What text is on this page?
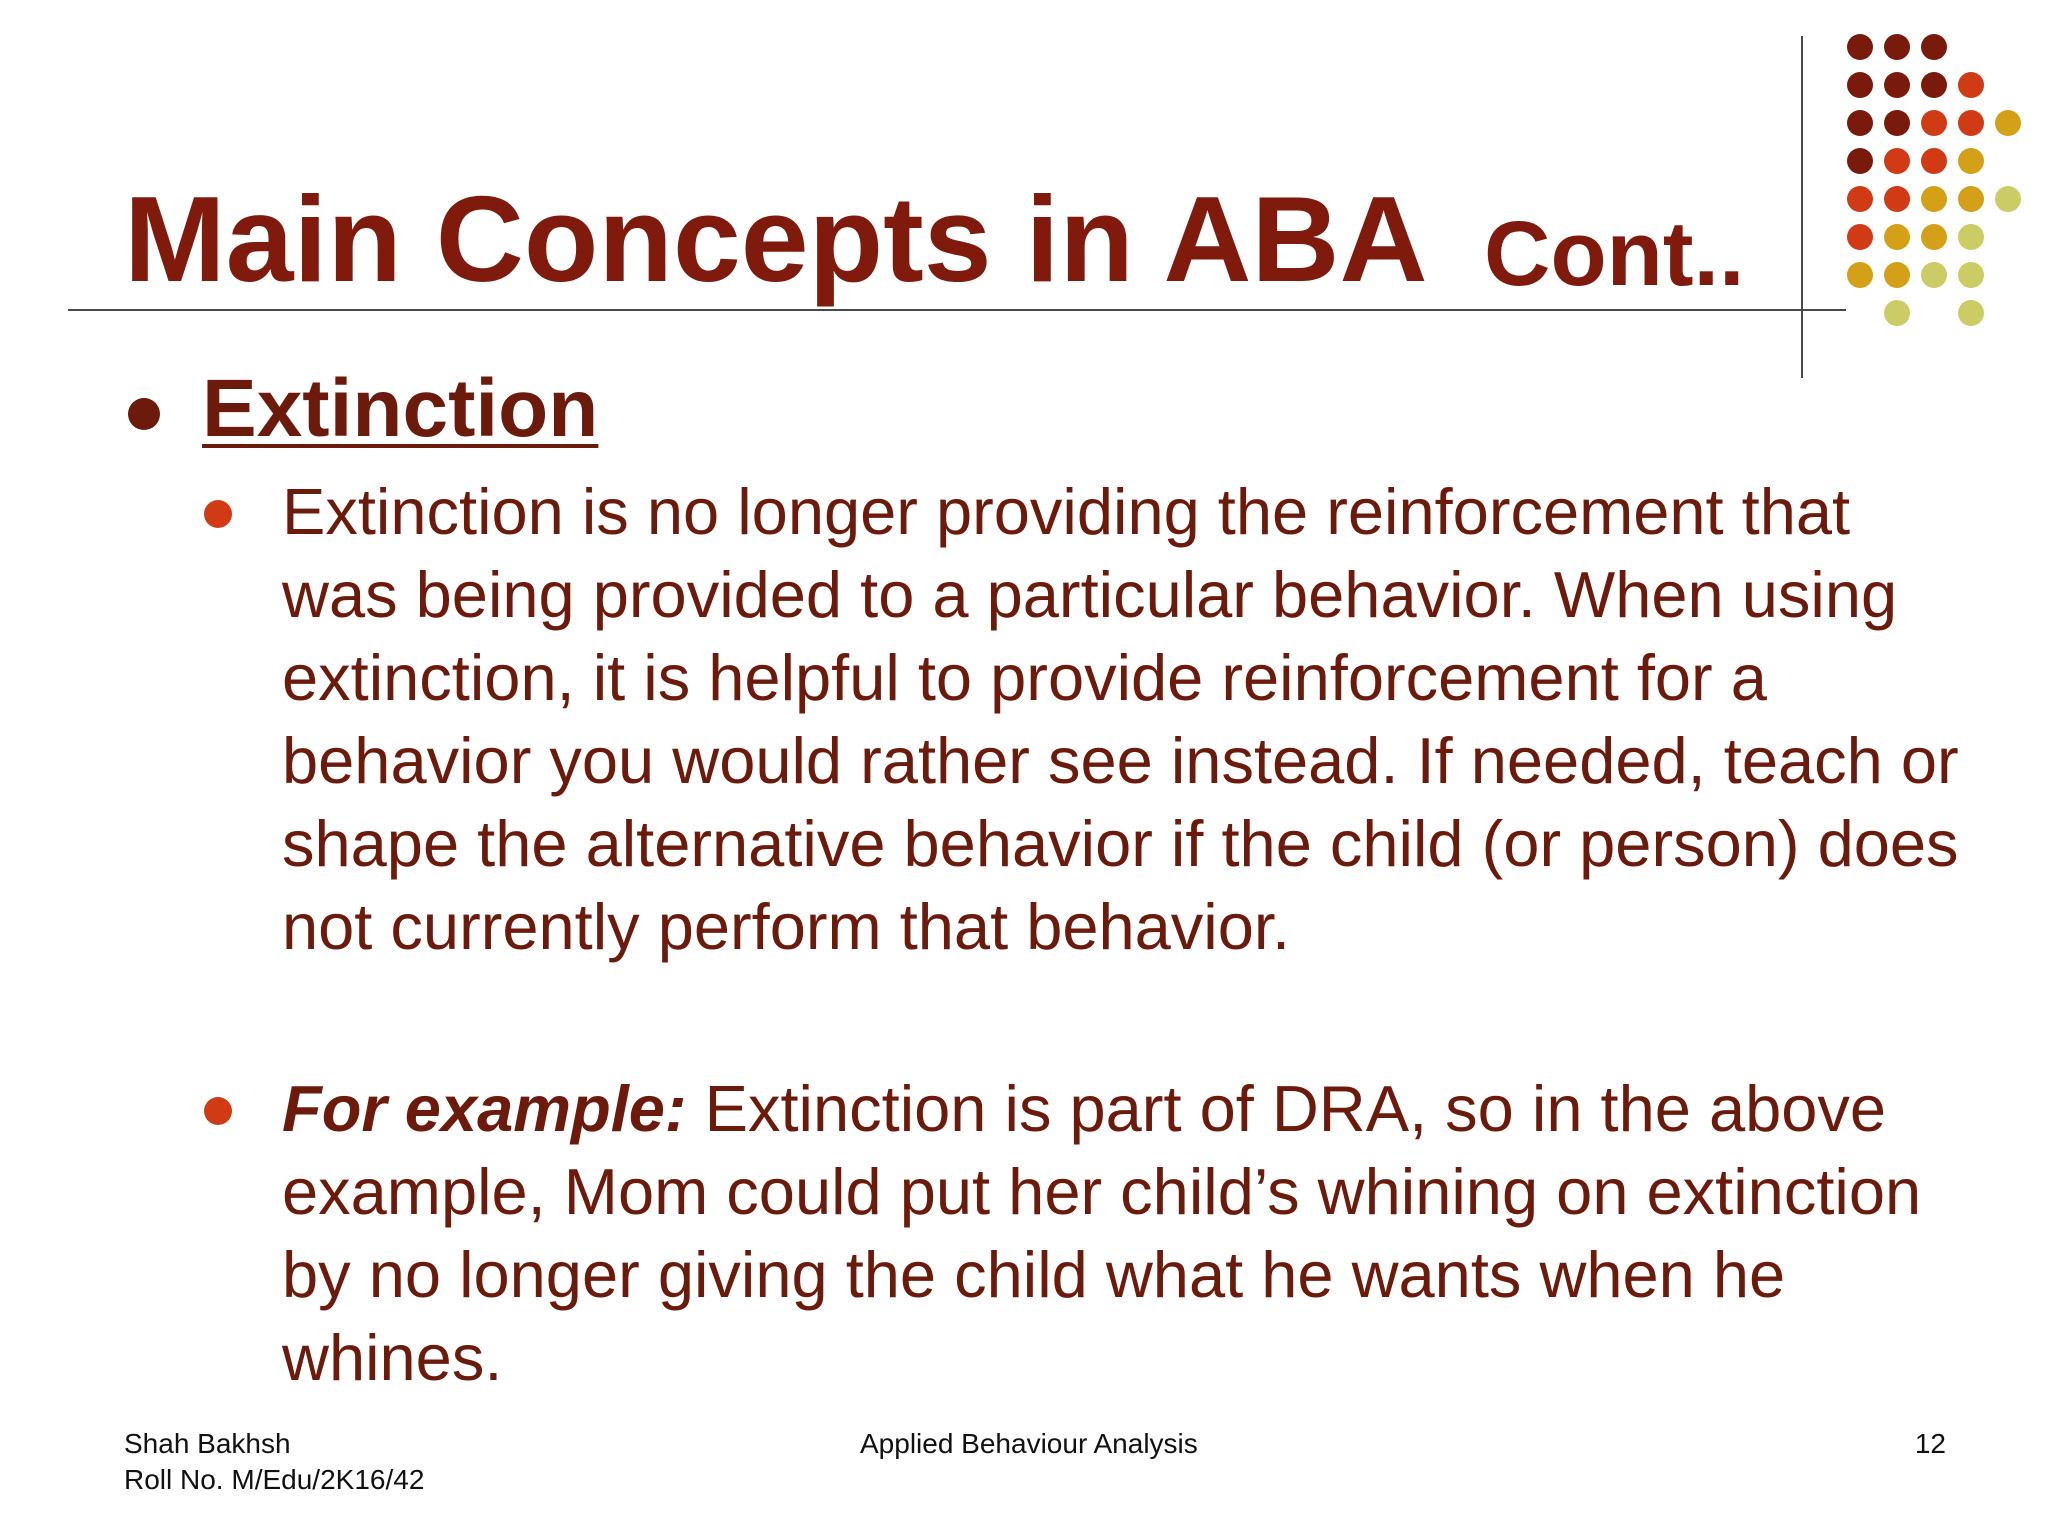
Main Concepts in ABA Cont..
Extinction

Extinction is no longer providing the reinforcement that was being provided to a particular behavior. When using extinction, it is helpful to provide reinforcement for a behavior you would rather see instead. If needed, teach or shape the alternative behavior if the child (or person) does not currently perform that behavior.

For example: Extinction is part of DRA, so in the above example, Mom could put her child’s whining on extinction by no longer giving the child what he wants when he whines.

Shah Bakhsh
Roll No. M/Edu/2K16/42
Applied Behaviour Analysis	12
